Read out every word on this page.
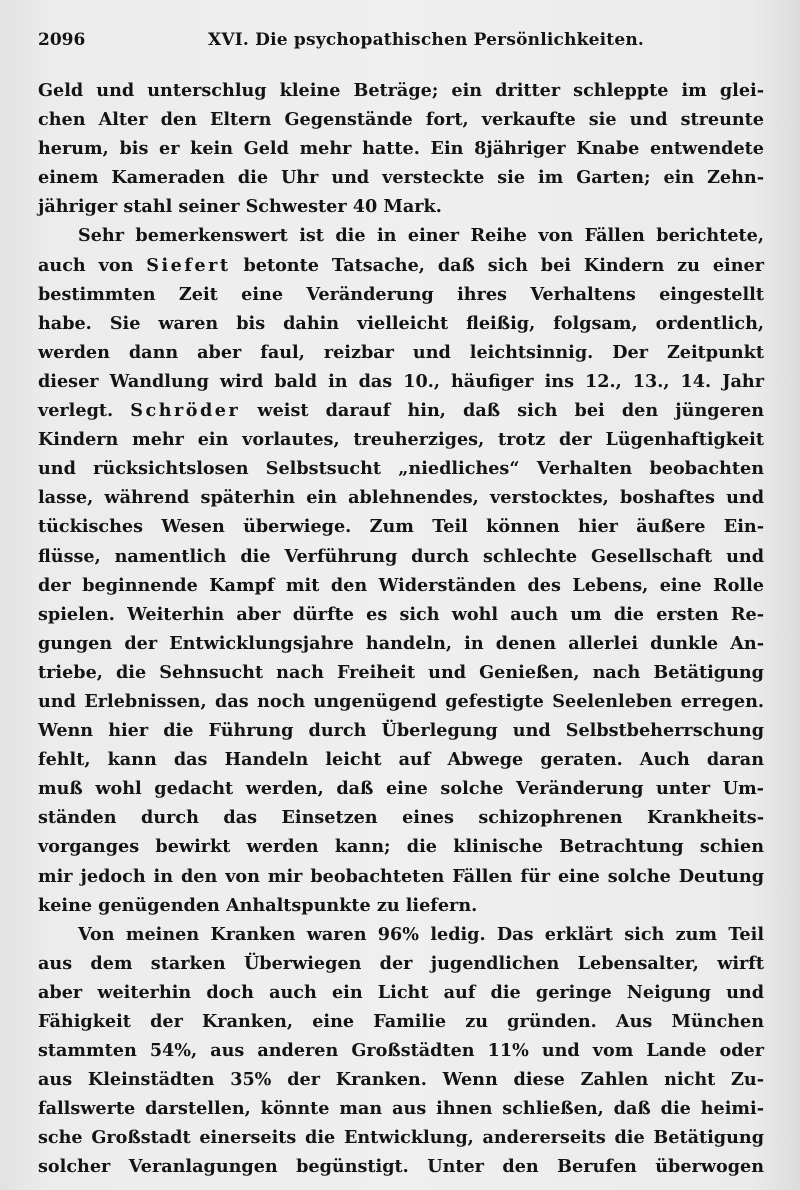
2096	XVI. Die psychopathischen Persönlichkeiten.
Geld und unterschlug kleine Beträge; ein dritter schleppte im glei-
chen Alter den Eltern Gegenstände fort, verkaufte sie und streunte
herum, bis er kein Geld mehr hatte. Ein 8jähriger Knabe entwendete
einem Kameraden die Uhr und versteckte sie im Garten; ein Zehn-
jähriger stahl seiner Schwester 40 Mark.
Sehr bemerkenswert ist die in einer Reihe von Fällen berichtete,
auch von Siefert betonte Tatsache, daß sich bei Kindern zu einer
bestimmten Zeit eine Veränderung ihres Verhaltens eingestellt
habe. Sie waren bis dahin vielleicht fleißig, folgsam, ordentlich,
werden dann aber faul, reizbar und leichtsinnig. Der Zeitpunkt
dieser Wandlung wird bald in das 10., häufiger ins 12., 13., 14. Jahr
verlegt. Schröder weist darauf hin, daß sich bei den jüngeren
Kindern mehr ein vorlautes, treuherziges, trotz der Lügenhaftigkeit
und rücksichtslosen Selbstsucht „niedliches“ Verhalten beobachten
lasse, während späterhin ein ablehnendes, verstocktes, boshaftes und
tückisches Wesen überwiege. Zum Teil können hier äußere Ein-
flüsse, namentlich die Verführung durch schlechte Gesellschaft und
der beginnende Kampf mit den Widerständen des Lebens, eine Rolle
spielen. Weiterhin aber dürfte es sich wohl auch um die ersten Re-
gungen der Entwicklungsjahre handeln, in denen allerlei dunkle An-
triebe, die Sehnsucht nach Freiheit und Genießen, nach Betätigung
und Erlebnissen, das noch ungenügend gefestigte Seelenleben erregen.
Wenn hier die Führung durch Überlegung und Selbstbeherrschung
fehlt, kann das Handeln leicht auf Abwege geraten. Auch daran
muß wohl gedacht werden, daß eine solche Veränderung unter Um-
ständen durch das Einsetzen eines schizophrenen Krankheits-
vorganges bewirkt werden kann; die klinische Betrachtung schien
mir jedoch in den von mir beobachteten Fällen für eine solche Deutung
keine genügenden Anhaltspunkte zu liefern.
Von meinen Kranken waren 96% ledig. Das erklärt sich zum Teil
aus dem starken Überwiegen der jugendlichen Lebensalter, wirft
aber weiterhin doch auch ein Licht auf die geringe Neigung und
Fähigkeit der Kranken, eine Familie zu gründen. Aus München
stammten 54%, aus anderen Großstädten 11% und vom Lande oder
aus Kleinstädten 35% der Kranken. Wenn diese Zahlen nicht Zu-
fallswerte darstellen, könnte man aus ihnen schließen, daß die heimi-
sche Großstadt einerseits die Entwicklung, andererseits die Betätigung
solcher Veranlagungen begünstigt. Unter den Berufen überwogen
